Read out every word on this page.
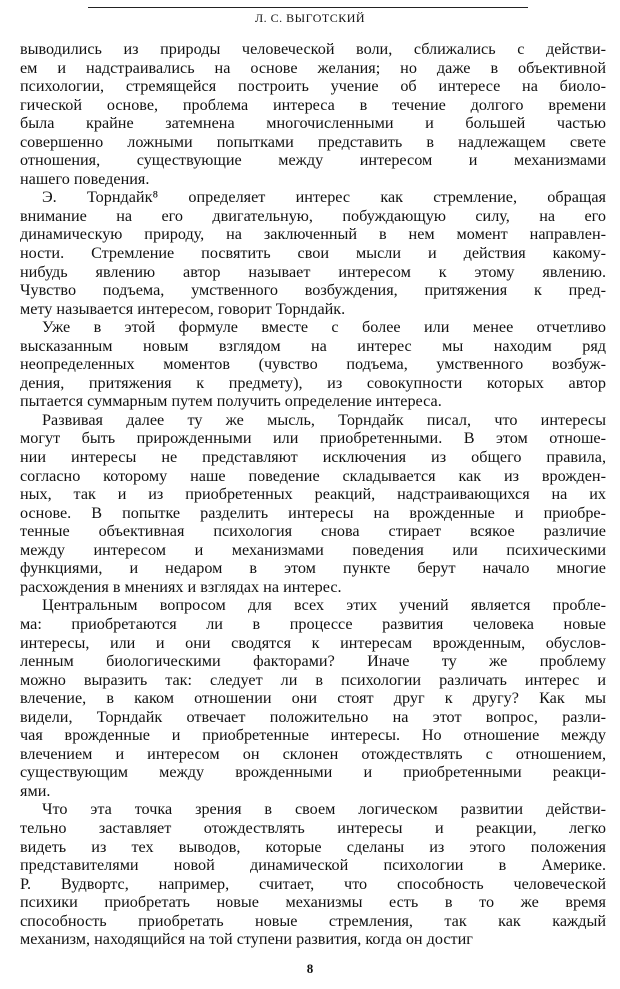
Л. С. ВЫГОТСКИЙ
выводились из природы человеческой воли, сближались с действи-
ем и надстраивались на основе желания; но даже в объективной
психологии, стремящейся построить учение об интересе на биоло-
гической основе, проблема интереса в течение долгого времени
была крайне затемнена многочисленными и большей частью
совершенно ложными попытками представить в надлежащем свете
отношения, существующие между интересом и механизмами
нашего поведения.
Э. Торндайк⁸ определяет интерес как стремление, обращая
внимание на его двигательную, побуждающую силу, на его
динамическую природу, на заключенный в нем момент направлен-
ности. Стремление посвятить свои мысли и действия какому-
нибудь явлению автор называет интересом к этому явлению.
Чувство подъема, умственного возбуждения, притяжения к пред-
мету называется интересом, говорит Торндайк.
Уже в этой формуле вместе с более или менее отчетливо
высказанным новым взглядом на интерес мы находим ряд
неопределенных моментов (чувство подъема, умственного возбуж-
дения, притяжения к предмету), из совокупности которых автор
пытается суммарным путем получить определение интереса.
Развивая далее ту же мысль, Торндайк писал, что интересы
могут быть прирожденными или приобретенными. В этом отноше-
нии интересы не представляют исключения из общего правила,
согласно которому наше поведение складывается как из врожден-
ных, так и из приобретенных реакций, надстраивающихся на их
основе. В попытке разделить интересы на врожденные и приобре-
тенные объективная психология снова стирает всякое различие
между интересом и механизмами поведения или психическими
функциями, и недаром в этом пункте берут начало многие
расхождения в мнениях и взглядах на интерес.
Центральным вопросом для всех этих учений является пробле-
ма: приобретаются ли в процессе развития человека новые
интересы, или и они сводятся к интересам врожденным, обуслов-
ленным биологическими факторами? Иначе ту же проблему
можно выразить так: следует ли в психологии различать интерес и
влечение, в каком отношении они стоят друг к другу? Как мы
видели, Торндайк отвечает положительно на этот вопрос, разли-
чая врожденные и приобретенные интересы. Но отношение между
влечением и интересом он склонен отождествлять с отношением,
существующим между врожденными и приобретенными реакци-
ями.
Что эта точка зрения в своем логическом развитии действи-
тельно заставляет отождествлять интересы и реакции, легко
видеть из тех выводов, которые сделаны из этого положения
представителями новой динамической психологии в Америке.
Р. Вудвортс, например, считает, что способность человеческой
психики приобретать новые механизмы есть в то же время
способность приобретать новые стремления, так как каждый
механизм, находящийся на той ступени развития, когда он достиг
8
